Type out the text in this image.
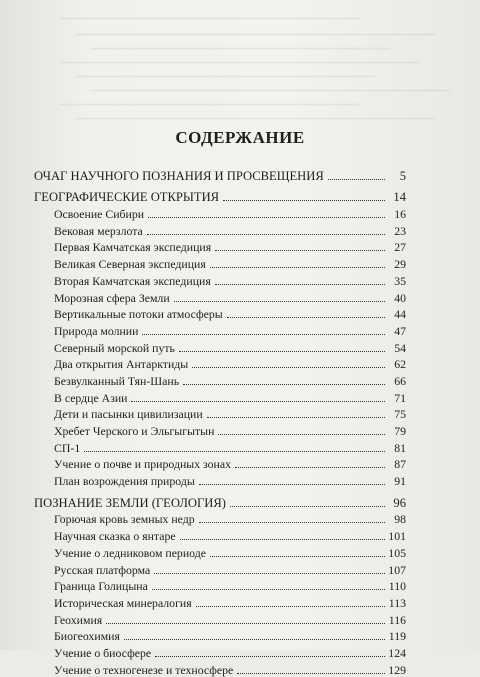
СОДЕРЖАНИЕ
ОЧАГ НАУЧНОГО ПОЗНАНИЯ И ПРОСВЕЩЕНИЯ	5
ГЕОГРАФИЧЕСКИЕ ОТКРЫТИЯ	14
Освоение Сибири	16
Вековая мерзлота	23
Первая Камчатская экспедиция	27
Великая Северная экспедиция	29
Вторая Камчатская экспедиция	35
Морозная сфера Земли	40
Вертикальные потоки атмосферы	44
Природа молнии	47
Северный морской путь	54
Два открытия Антарктиды	62
Безвулканный Тян-Шань	66
В сердце Азии	71
Дети и пасынки цивилизации	75
Хребет Черского и Эльгыгытын	79
СП-1	81
Учение о почве и природных зонах	87
План возрождения природы	91
ПОЗНАНИЕ ЗЕМЛИ (ГЕОЛОГИЯ)	96
Горючая кровь земных недр	98
Научная сказка о янтаре	101
Учение о ледниковом периоде	105
Русская платформа	107
Граница Голицына	110
Историческая минералогия	113
Геохимия	116
Биогеохимия	119
Учение о биосфере	124
Учение о техногенезе и техносфере	129
